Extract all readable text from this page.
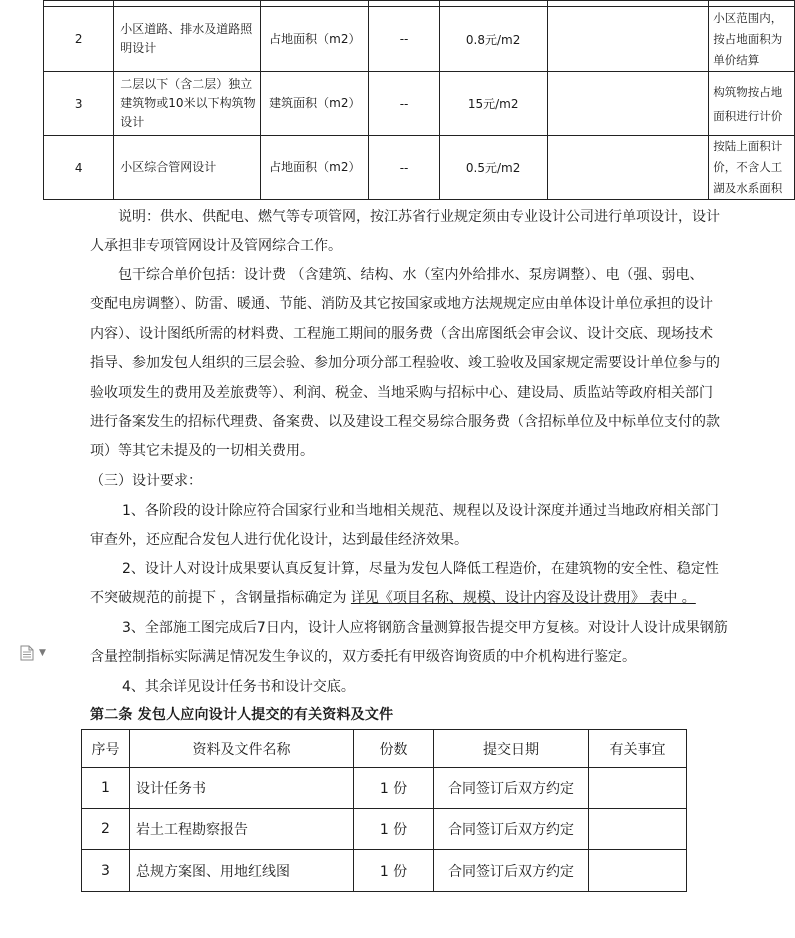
2	小区道路、排水及道路照明设计	占地面积（m2）	--	0.8元/m2		小区范围内，
按占地面积为
单价结算

3	二层以下（含二层）独立建筑物或10米以下构筑物设计	建筑面积（m2）	--	15元/m2		构筑物按占地
面积进行计价

4	小区综合管网设计	占地面积（m2）	--	0.5元/m2		按陆上面积计
价，不含人工
湖及水系面积
说明：供水、供配电、燃气等专项管网，按江苏省行业规定须由专业设计公司进行单项设计，设计
人承担非专项管网设计及管网综合工作。
包干综合单价包括：设计费 （含建筑、结构、水（室内外给排水、泵房调整）、电（强、弱电、
变配电房调整）、防雷、暖通、节能、消防及其它按国家或地方法规规定应由单体设计单位承担的设计
内容）、设计图纸所需的材料费、工程施工期间的服务费（含出席图纸会审会议、设计交底、现场技术
指导、参加发包人组织的三层会验、参加分项分部工程验收、竣工验收及国家规定需要设计单位参与的
验收项发生的费用及差旅费等）、利润、税金、当地采购与招标中心、建设局、质监站等政府相关部门
进行备案发生的招标代理费、备案费、以及建设工程交易综合服务费（含招标单位及中标单位支付的款
项）等其它未提及的一切相关费用。
（三）设计要求：
1、各阶段的设计除应符合国家行业和当地相关规范、规程以及设计深度并通过当地政府相关部门
审查外，还应配合发包人进行优化设计，达到最佳经济效果。
2、设计人对设计成果要认真反复计算，尽量为发包人降低工程造价，在建筑物的安全性、稳定性
不突破规范的前提下 ，含钢量指标确定为 详见《项目名称、规模、设计内容及设计费用》 表中 。
3、全部施工图完成后7日内，设计人应将钢筋含量测算报告提交甲方复核。对设计人设计成果钢筋
含量控制指标实际满足情况发生争议的，双方委托有甲级咨询资质的中介机构进行鉴定。
4、其余详见设计任务书和设计交底。
▼
第二条 发包人应向设计人提交的有关资料及文件
序号	资料及文件名称	份数	提交日期	有关事宜
1	设计任务书	1 份	合同签订后双方约定	
2	岩土工程勘察报告	1 份	合同签订后双方约定	
3	总规方案图、用地红线图	1 份	合同签订后双方约定	
